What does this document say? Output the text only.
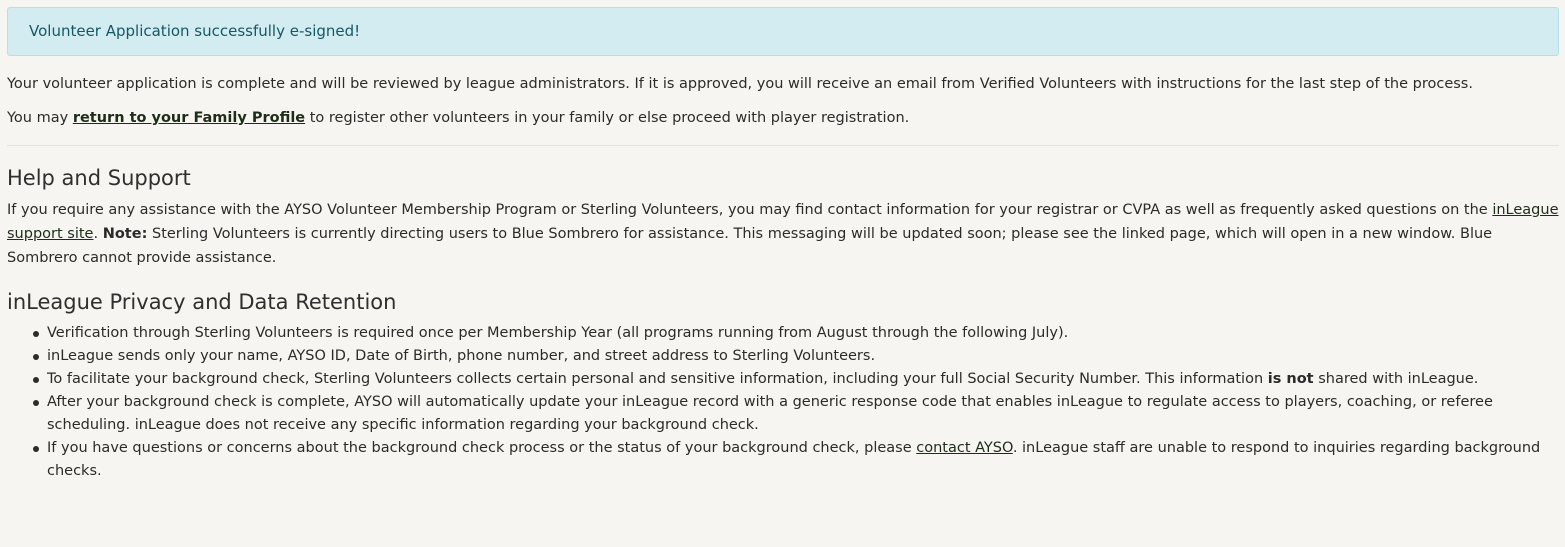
Volunteer Application successfully e-signed!

Your volunteer application is complete and will be reviewed by league administrators. If it is approved, you will receive an email from Verified Volunteers with instructions for the last step of the process.

You may return to your Family Profile to register other volunteers in your family or else proceed with player registration.

Help and Support

If you require any assistance with the AYSO Volunteer Membership Program or Sterling Volunteers, you may find contact information for your registrar or CVPA as well as frequently asked questions on the inLeague support site. Note: Sterling Volunteers is currently directing users to Blue Sombrero for assistance. This messaging will be updated soon; please see the linked page, which will open in a new window. Blue Sombrero cannot provide assistance.

inLeague Privacy and Data Retention
Verification through Sterling Volunteers is required once per Membership Year (all programs running from August through the following July).
inLeague sends only your name, AYSO ID, Date of Birth, phone number, and street address to Sterling Volunteers.
To facilitate your background check, Sterling Volunteers collects certain personal and sensitive information, including your full Social Security Number. This information is not shared with inLeague.
After your background check is complete, AYSO will automatically update your inLeague record with a generic response code that enables inLeague to regulate access to players, coaching, or referee scheduling. inLeague does not receive any specific information regarding your background check.
If you have questions or concerns about the background check process or the status of your background check, please contact AYSO. inLeague staff are unable to respond to inquiries regarding background checks.
